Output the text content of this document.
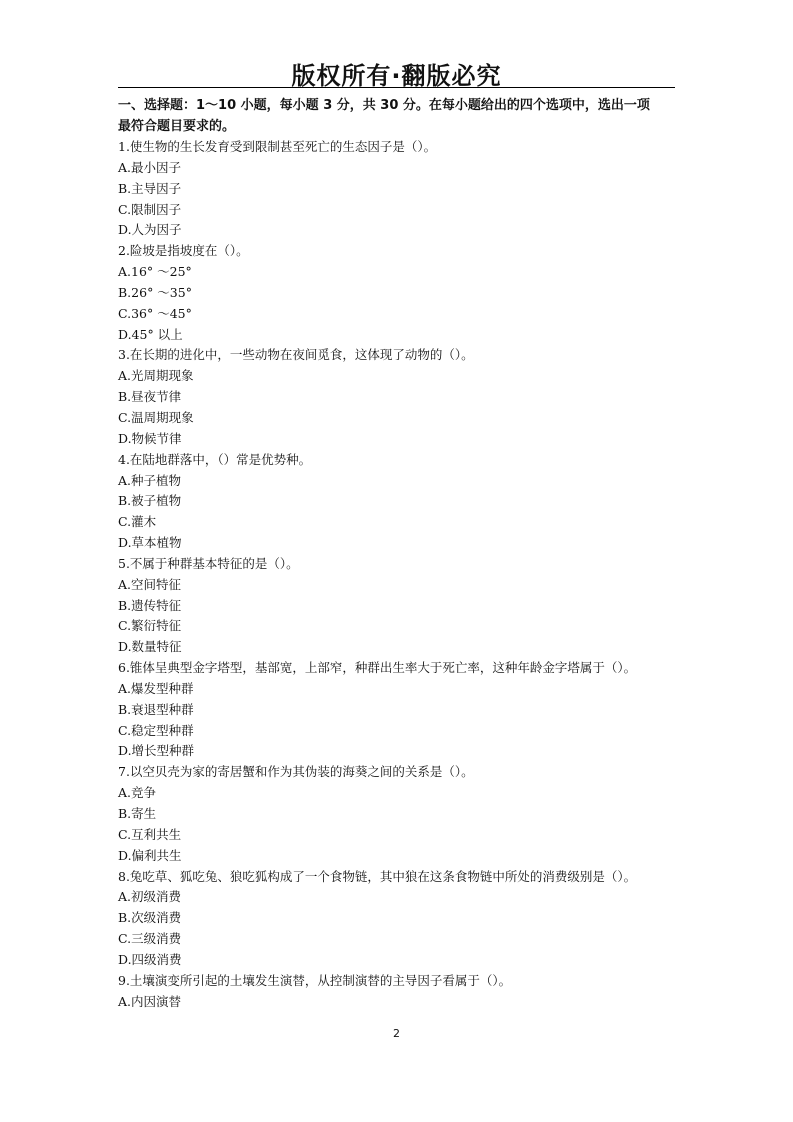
版权所有·翻版必究

一、选择题：1～10 小题，每小题 3 分，共 30 分。在每小题给出的四个选项中，选出一项

最符合题目要求的。

1.使生物的生长发育受到限制甚至死亡的生态因子是（）。

A.最小因子

B.主导因子

C.限制因子

D.人为因子

2.险坡是指坡度在（）。

A.16° ～25°

B.26° ～35°

C.36° ～45°

D.45° 以上

3.在长期的进化中，一些动物在夜间觅食，这体现了动物的（）。

A.光周期现象

B.昼夜节律

C.温周期现象

D.物候节律

4.在陆地群落中，（）常是优势种。

A.种子植物

B.被子植物

C.灌木

D.草本植物

5.不属于种群基本特征的是（）。

A.空间特征

B.遗传特征

C.繁衍特征

D.数量特征

6.锥体呈典型金字塔型，基部宽，上部窄，种群出生率大于死亡率，这种年龄金字塔属于（）。

A.爆发型种群

B.衰退型种群

C.稳定型种群

D.增长型种群

7.以空贝壳为家的寄居蟹和作为其伪装的海葵之间的关系是（）。

A.竞争

B.寄生

C.互利共生

D.偏利共生

8.兔吃草、狐吃兔、狼吃狐构成了一个食物链，其中狼在这条食物链中所处的消费级别是（）。

A.初级消费

B.次级消费

C.三级消费

D.四级消费

9.土壤演变所引起的土壤发生演替，从控制演替的主导因子看属于（）。

A.内因演替

2
